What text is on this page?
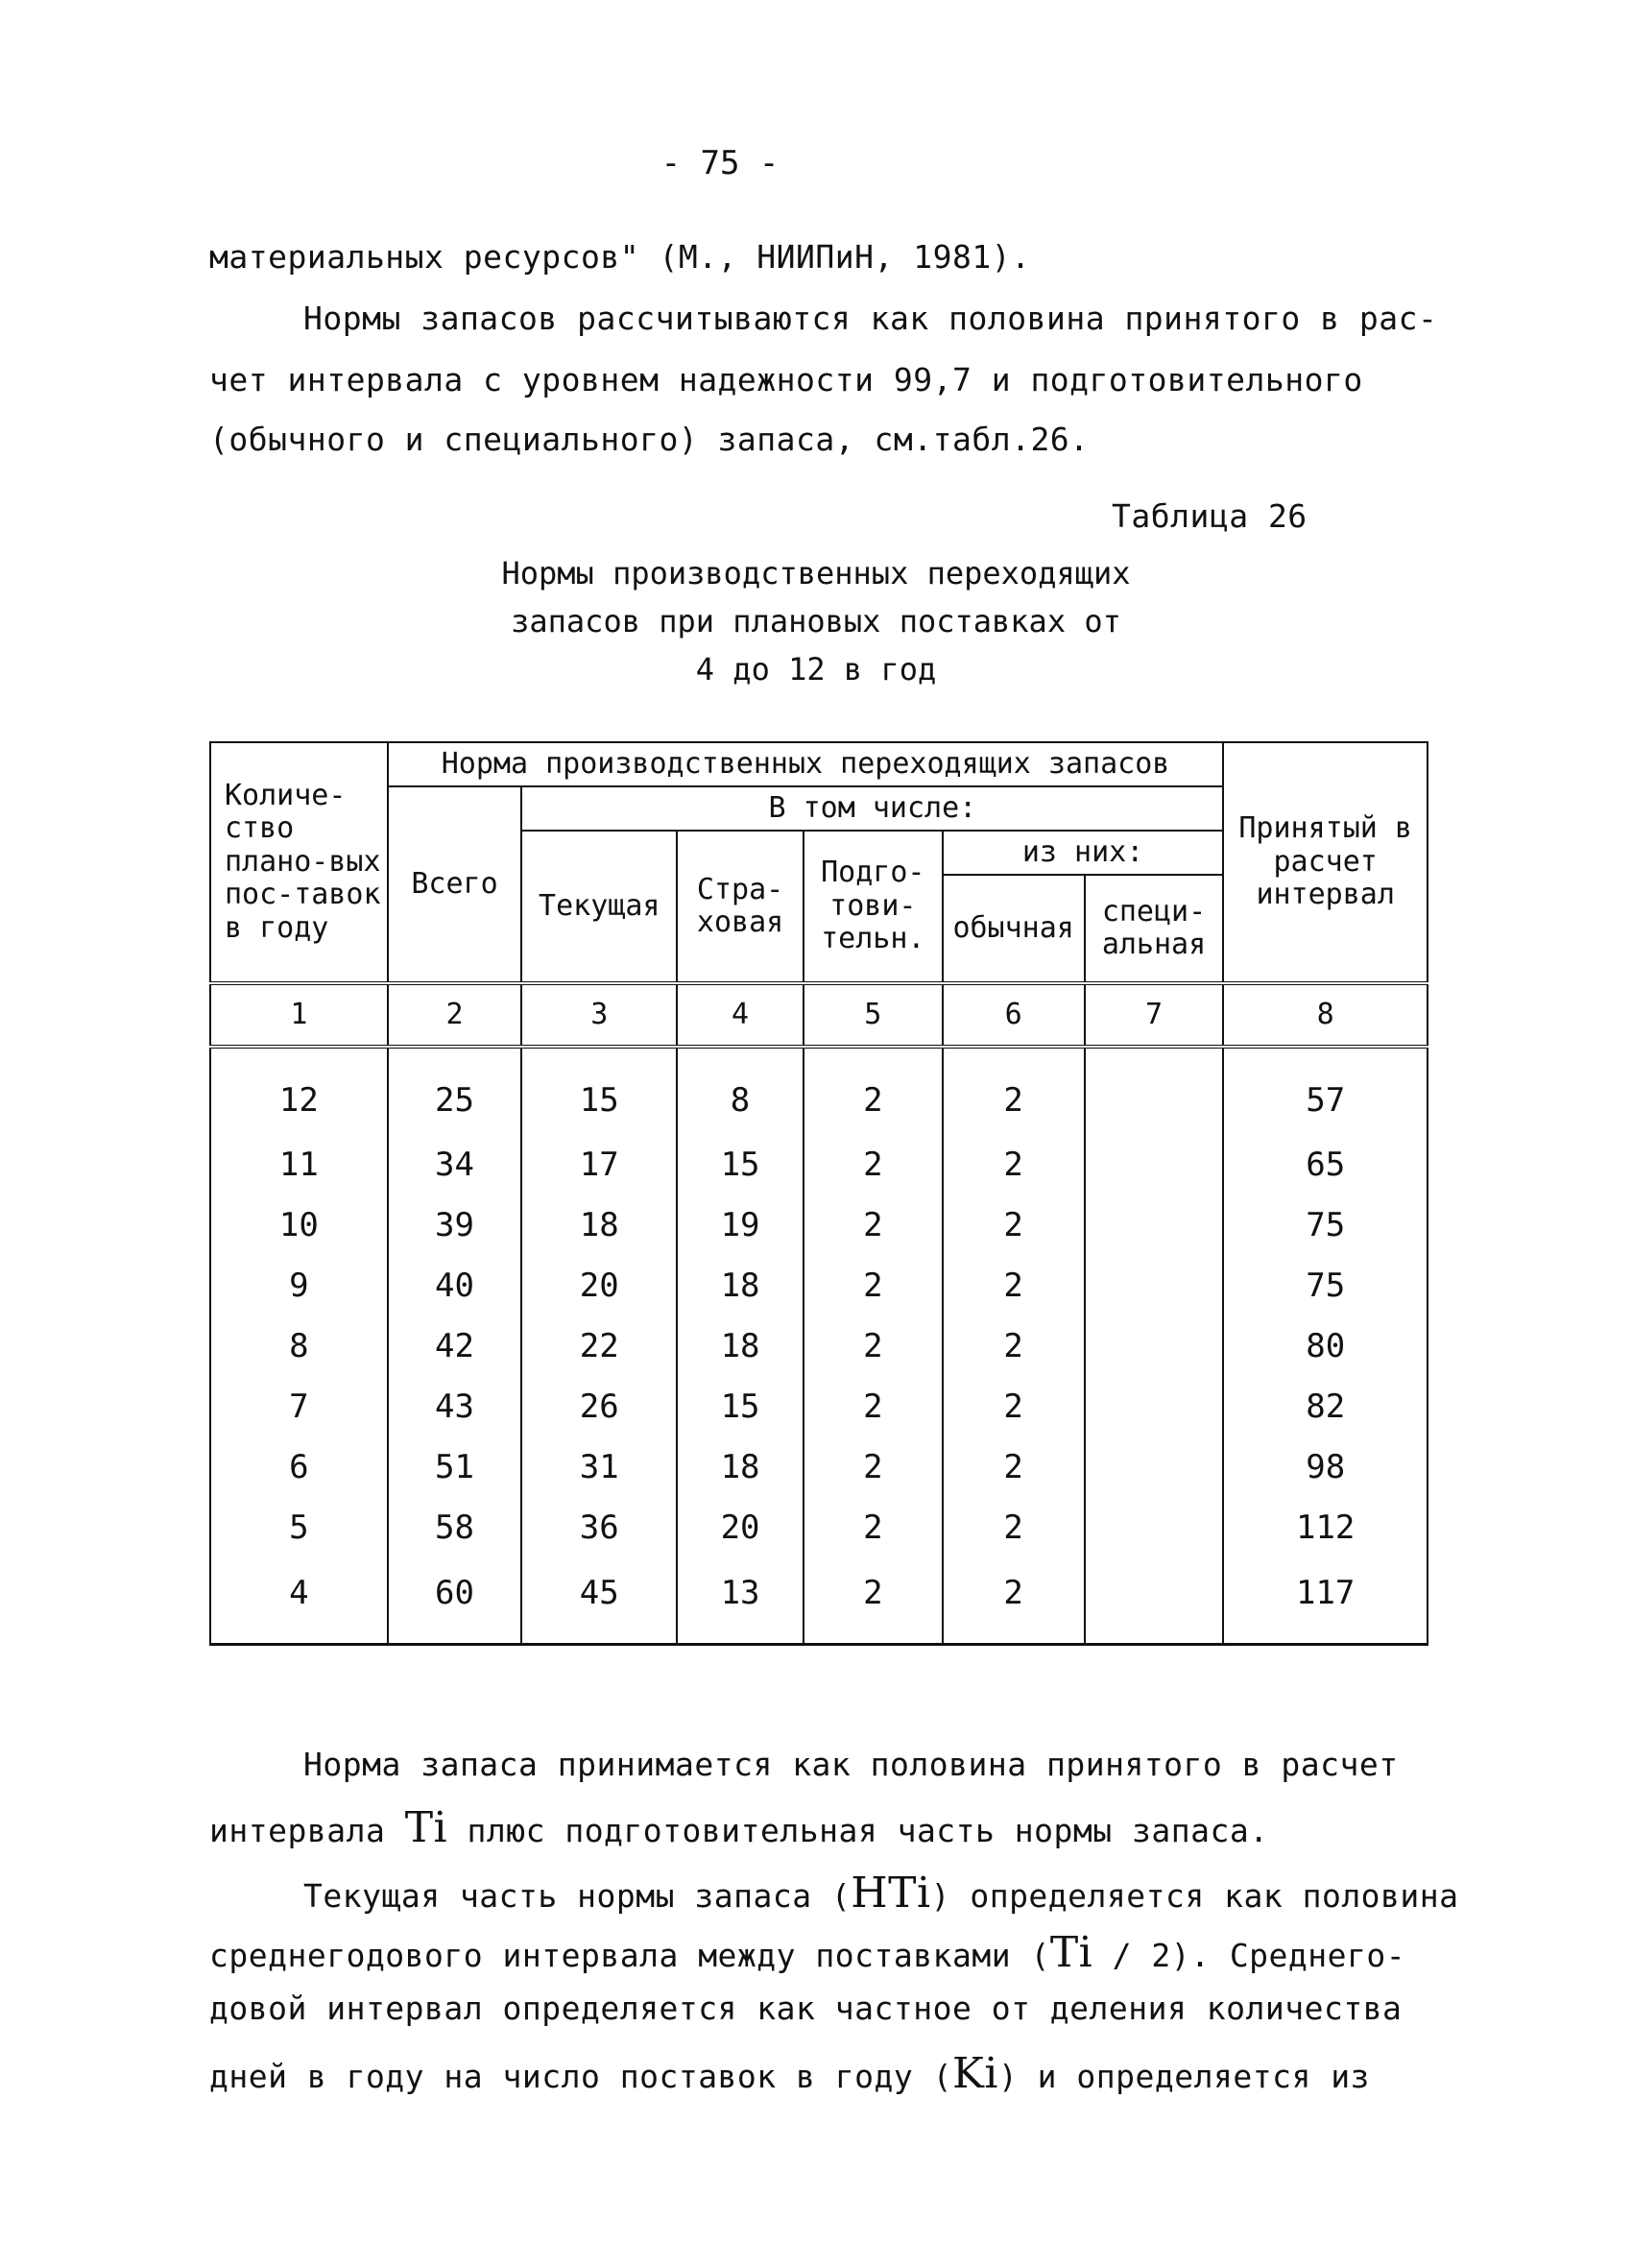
- 75 -
материальных ресурсов" (М., НИИПиН, 1981).
Нормы запасов рассчитываются как половина принятого в рас-
чет интервала с уровнем надежности 99,7 и подготовительного
(обычного и специального) запаса, см.табл.26.
Таблица 26
Нормы производственных переходящих
запасов при плановых поставках от
4 до 12 в год
Количе-ство плано-вых пос-тавок в году	Норма производственных переходящих запасов						Принятый в расчет интервал
	Всего	В том числе:					
		Текущая	Стра-ховая	Подго-тови-тельн.	из них:		
					обычная	специ-альная	
1	2	3	4	5	6	7	8
12	25	15	8	2	2		57
11	34	17	15	2	2		65
10	39	18	19	2	2		75
9	40	20	18	2	2		75
8	42	22	18	2	2		80
7	43	26	15	2	2		82
6	51	31	18	2	2		98
5	58	36	20	2	2		112
4	60	45	13	2	2		117
Норма запаса принимается как половина принятого в расчет
интервала Ti плюс подготовительная часть нормы запаса.
Текущая часть нормы запаса (HTi) определяется как половина
среднегодового интервала между поставками (Ti / 2). Среднего-
довой интервал определяется как частное от деления количества
дней в году на число поставок в году (Ki) и определяется из
